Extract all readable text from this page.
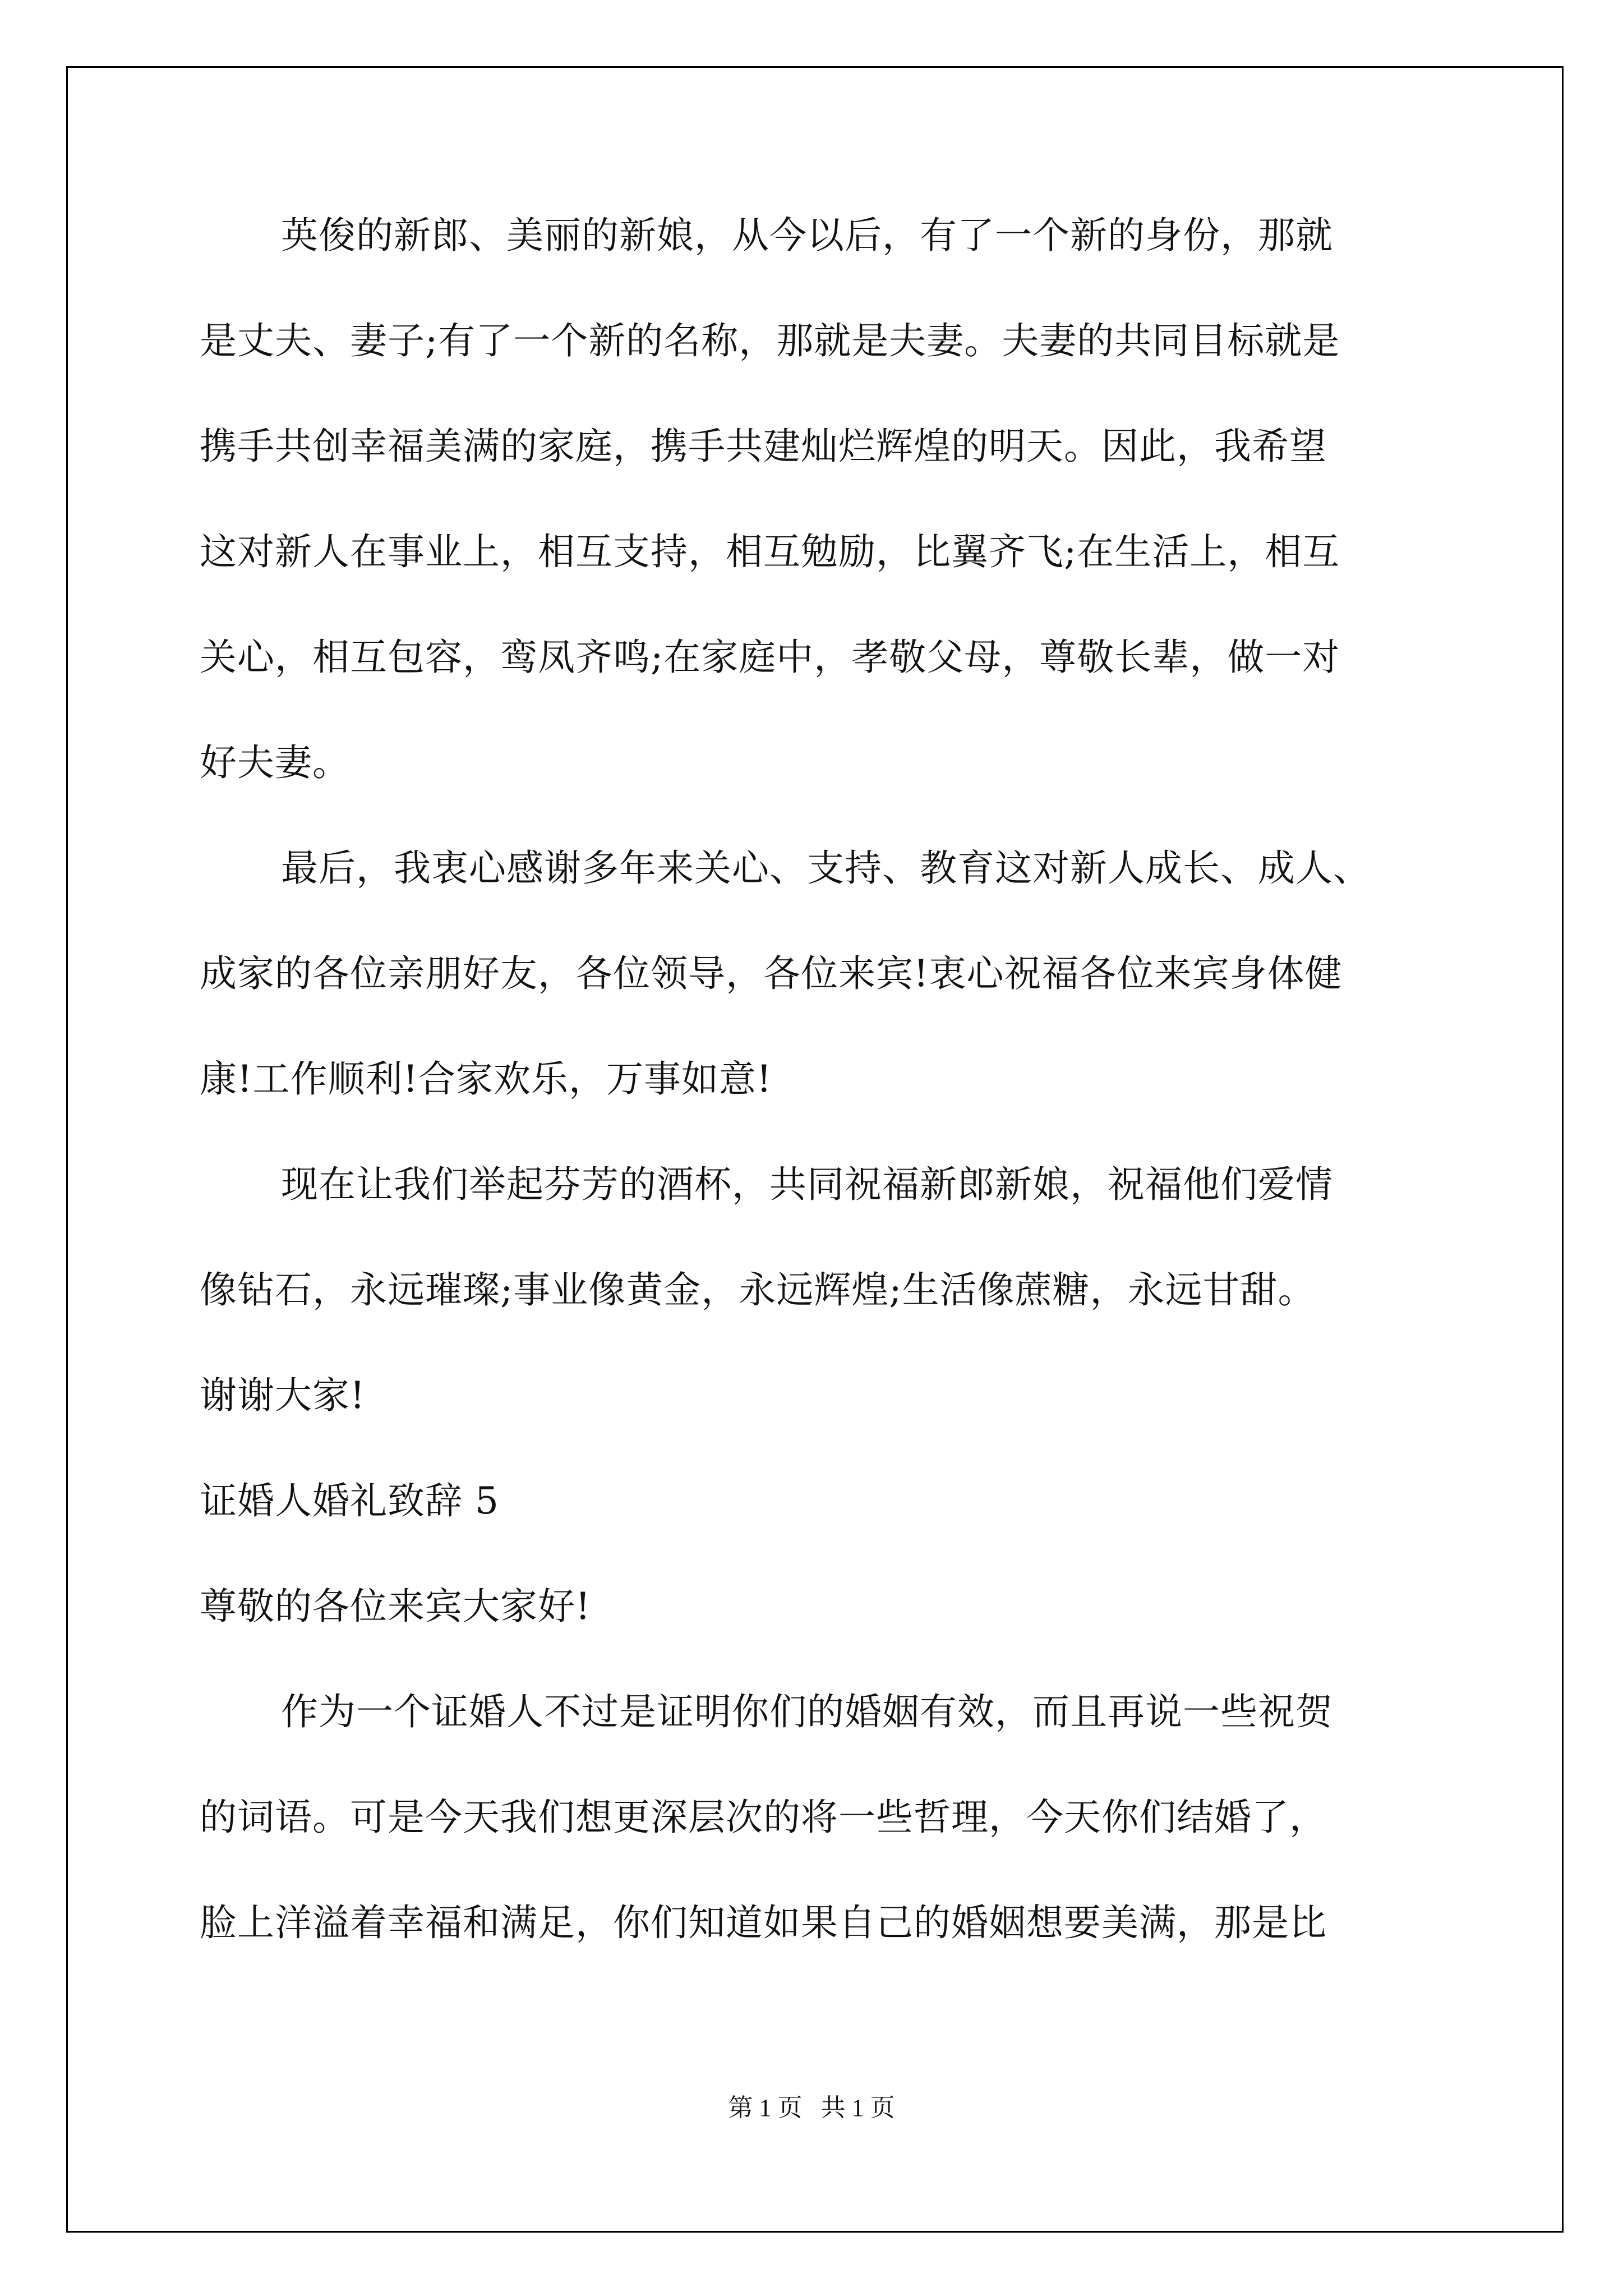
英俊的新郎、美丽的新娘，从今以后，有了一个新的身份，那就
是丈夫、妻子;有了一个新的名称，那就是夫妻。夫妻的共同目标就是
携手共创幸福美满的家庭，携手共建灿烂辉煌的明天。因此，我希望
这对新人在事业上，相互支持，相互勉励，比翼齐飞;在生活上，相互
关心，相互包容，鸾凤齐鸣;在家庭中，孝敬父母，尊敬长辈，做一对
好夫妻。
最后，我衷心感谢多年来关心、支持、教育这对新人成长、成人、
成家的各位亲朋好友，各位领导，各位来宾!衷心祝福各位来宾身体健
康!工作顺利!合家欢乐，万事如意!
现在让我们举起芬芳的酒杯，共同祝福新郎新娘，祝福他们爱情
像钻石，永远璀璨;事业像黄金，永远辉煌;生活像蔗糖，永远甘甜。
谢谢大家!
证婚人婚礼致辞 5
尊敬的各位来宾大家好!
作为一个证婚人不过是证明你们的婚姻有效，而且再说一些祝贺
的词语。可是今天我们想更深层次的将一些哲理，今天你们结婚了，
脸上洋溢着幸福和满足，你们知道如果自己的婚姻想要美满，那是比
第 1 页   共 1 页
